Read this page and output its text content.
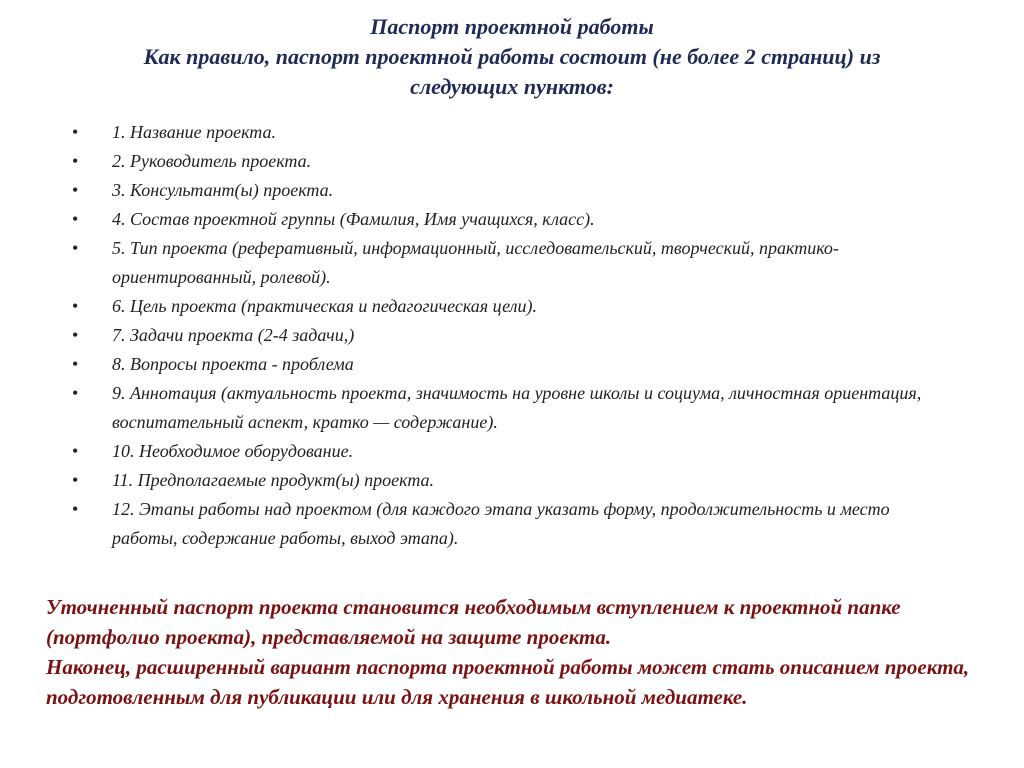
Паспорт проектной работы
Как правило, паспорт проектной работы состоит (не более 2 страниц) из
следующих пунктов:
• 1. Название проекта.
• 2. Руководитель проекта.
• 3. Консультант(ы) проекта.
• 4. Состав проектной группы (Фамилия, Имя учащихся, класс).
• 5. Тип проекта (реферативный, информационный, исследовательский, творческий, практико-ориентированный, ролевой).
• 6. Цель проекта (практическая и педагогическая цели).
• 7. Задачи проекта (2-4 задачи,)
• 8. Вопросы проекта - проблема
• 9. Аннотация (актуальность проекта, значимость на уровне школы и социума, личностная ориентация, воспитательный аспект, кратко — содержание).
• 10. Необходимое оборудование.
• 11. Предполагаемые продукт(ы) проекта.
• 12. Этапы работы над проектом (для каждого этапа указать форму, продолжительность и место работы, содержание работы, выход этапа).
Уточненный паспорт проекта становится необходимым вступлением к проектной папке (портфолио проекта), представляемой на защите проекта.
Наконец, расширенный вариант паспорта проектной работы может стать описанием проекта, подготовленным для публикации или для хранения в школьной медиатеке.
